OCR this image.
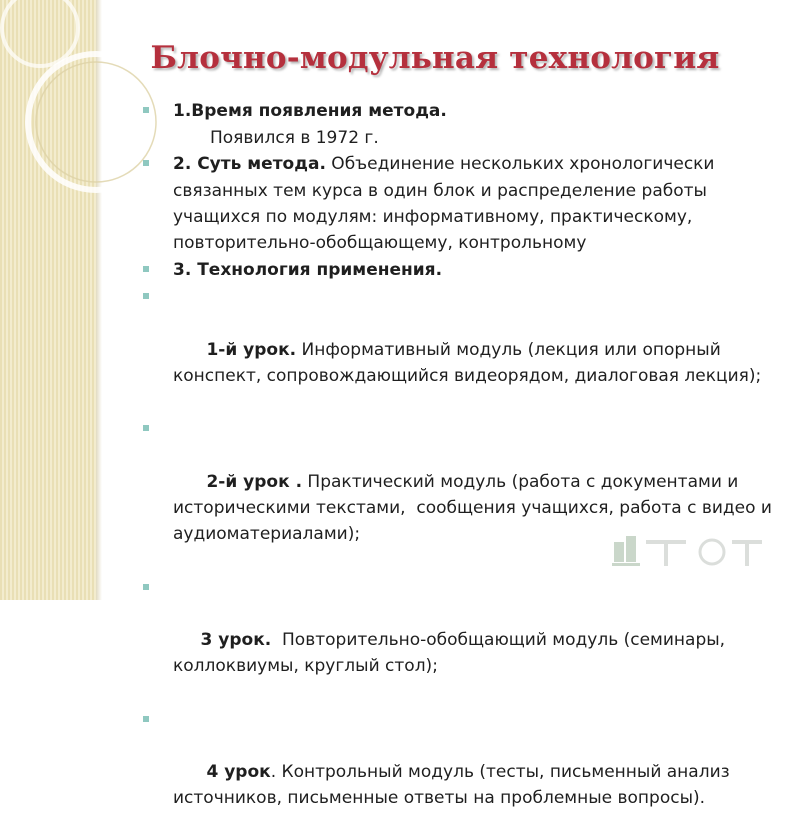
Блочно-модульная технология
1.Время появления метода.
Появился в 1972 г.
2. Суть метода. Объединение нескольких хронологически связанных тем курса в один блок и распределение работы учащихся по модулям: информативному, практическому, повторительно-обобщающему, контрольному
3. Технология применения.

1-й урок. Информативный модуль (лекция или опорный конспект, сопровождающийся видеорядом, диалоговая лекция);

2-й урок . Практический модуль (работа с документами и историческими текстами,  сообщения учащихся, работа с видео и аудиоматериалами);

3 урок.  Повторительно-обобщающий модуль (семинары, коллоквиумы, круглый стол);

4 урок. Контрольный модуль (тесты, письменный анализ источников, письменные ответы на проблемные вопросы).
